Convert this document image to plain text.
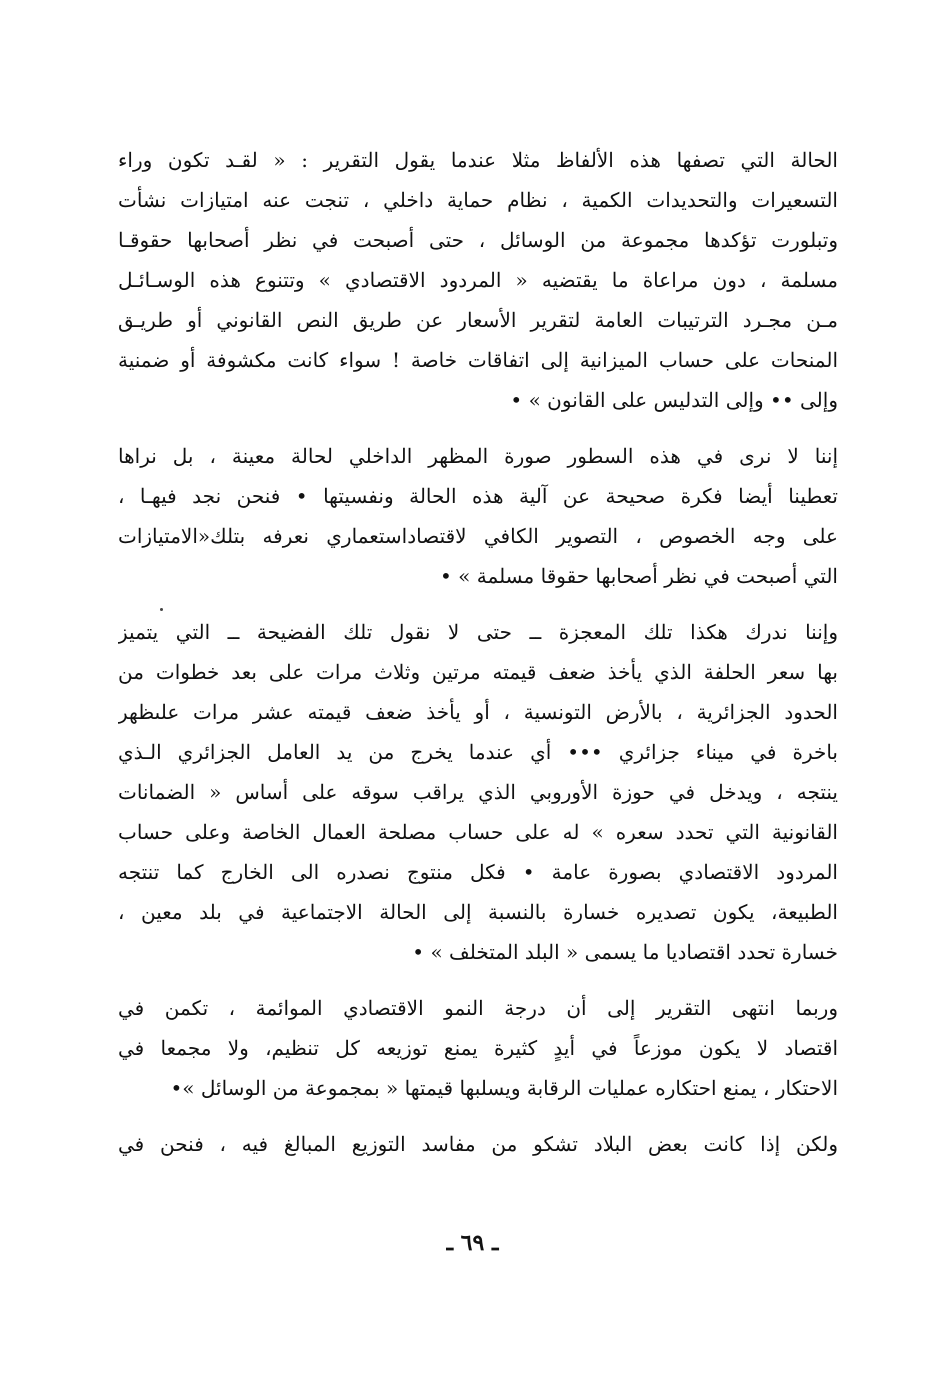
الحالة التي تصفها هذه الألفاظ مثلا عندما يقول التقرير : « لقـد تكون وراء
التسعيرات والتحديدات الكمية ، نظام حماية داخلي ، تنجت عنه امتيازات نشأت
وتبلورت تؤكدها مجموعة من الوسائل ، حتى أصبحت في نظر أصحابها حقوقـا
مسلمة ، دون مراعاة ما يقتضيه « المردود الاقتصادي » وتتنوع هذه الوسـائـل
مـن مجـرد الترتيبات العامة لتقرير الأسعار عن طريق النص القانوني أو طريـق
المنحات على حساب الميزانية إلى اتفاقات خاصة ! سواء كانت مكشوفة أو ضمنية
وإلى •• وإلى التدليس على القانون » •
إننا لا نرى في هذه السطور صورة المظهر الداخلي لحالة معينة ، بل نراها
تعطينا أيضا فكرة صحيحة عن آلية هذه الحالة ونفسيتها • فنحن نجد فيهـا ،
على وجه الخصوص ، التصوير الكافي لاقتصاداستعماري نعرفه بتلك«الامتيازات
التي أصبحت في نظر أصحابها حقوقا مسلمة » •
وإننا ندرك هكذا تلك المعجزة ــ حتى لا نقول تلك الفضيحة ــ التي يتميز
بها سعر الحلفة الذي يأخذ ضعف قيمته مرتين وثلاث مرات على بعد خطوات من
الحدود الجزائرية ، بالأرض التونسية ، أو يأخذ ضعف قيمته عشر مرات علىظهر
باخرة في ميناء جزائري ••• أي عندما يخرج من يد العامل الجزائري الـذي
ينتجه ، ويدخل في حوزة الأوروبي الذي يراقب سوقه على أساس « الضمانات
القانونية التي تحدد سعره » له على حساب مصلحة العمال الخاصة وعلى حساب
المردود الاقتصادي بصورة عامة • فكل منتوج نصدره الى الخارج كما تنتجه
الطبيعة، يكون تصديره خسارة بالنسبة إلى الحالة الاجتماعية في بلد معين ،
خسارة تحدد اقتصاديا ما يسمى « البلد المتخلف » •
وربما انتهى التقرير إلى أن درجة النمو الاقتصادي الموائمة ، تكمن في
اقتصاد لا يكون موزعاً في أيدٍ كثيرة يمنع توزيعه كل تنظيم، ولا مجمعا في
الاحتكار ، يمنع احتكاره عمليات الرقابة ويسلبها قيمتها « بمجموعة من الوسائل »•
ولكن إذا كانت بعض البلاد تشكو من مفاسد التوزيع المبالغ فيه ، فنحن في
ـ ٦٩ ـ
